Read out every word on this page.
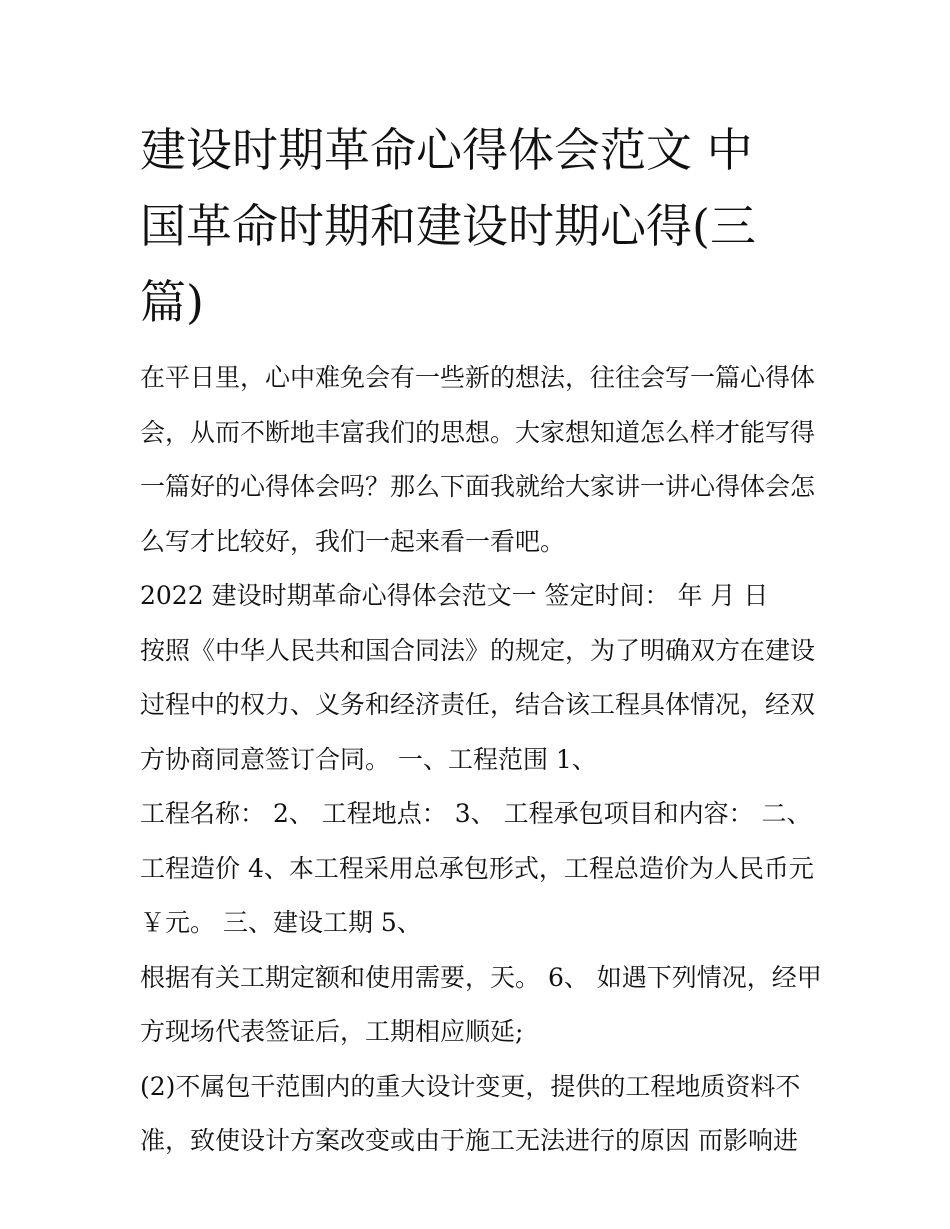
建设时期革命心得体会范文 中
国革命时期和建设时期心得(三
篇)
在平日里，心中难免会有一些新的想法，往往会写一篇心得体
会，从而不断地丰富我们的思想。大家想知道怎么样才能写得
一篇好的心得体会吗？那么下面我就给大家讲一讲心得体会怎
么写才比较好，我们一起来看一看吧。
2022 建设时期革命心得体会范文一 签定时间： 年 月 日
按照《中华人民共和国合同法》的规定，为了明确双方在建设
过程中的权力、义务和经济责任，结合该工程具体情况，经双
方协商同意签订合同。 一、工程范围 1、
工程名称： 2、 工程地点： 3、 工程承包项目和内容： 二、
工程造价 4、本工程采用总承包形式，工程总造价为人民币元
￥元。 三、建设工期 5、
根据有关工期定额和使用需要，天。 6、 如遇下列情况，经甲
方现场代表签证后，工期相应顺延;
(2)不属包干范围内的重大设计变更，提供的工程地质资料不
准，致使设计方案改变或由于施工无法进行的原因 而影响进
